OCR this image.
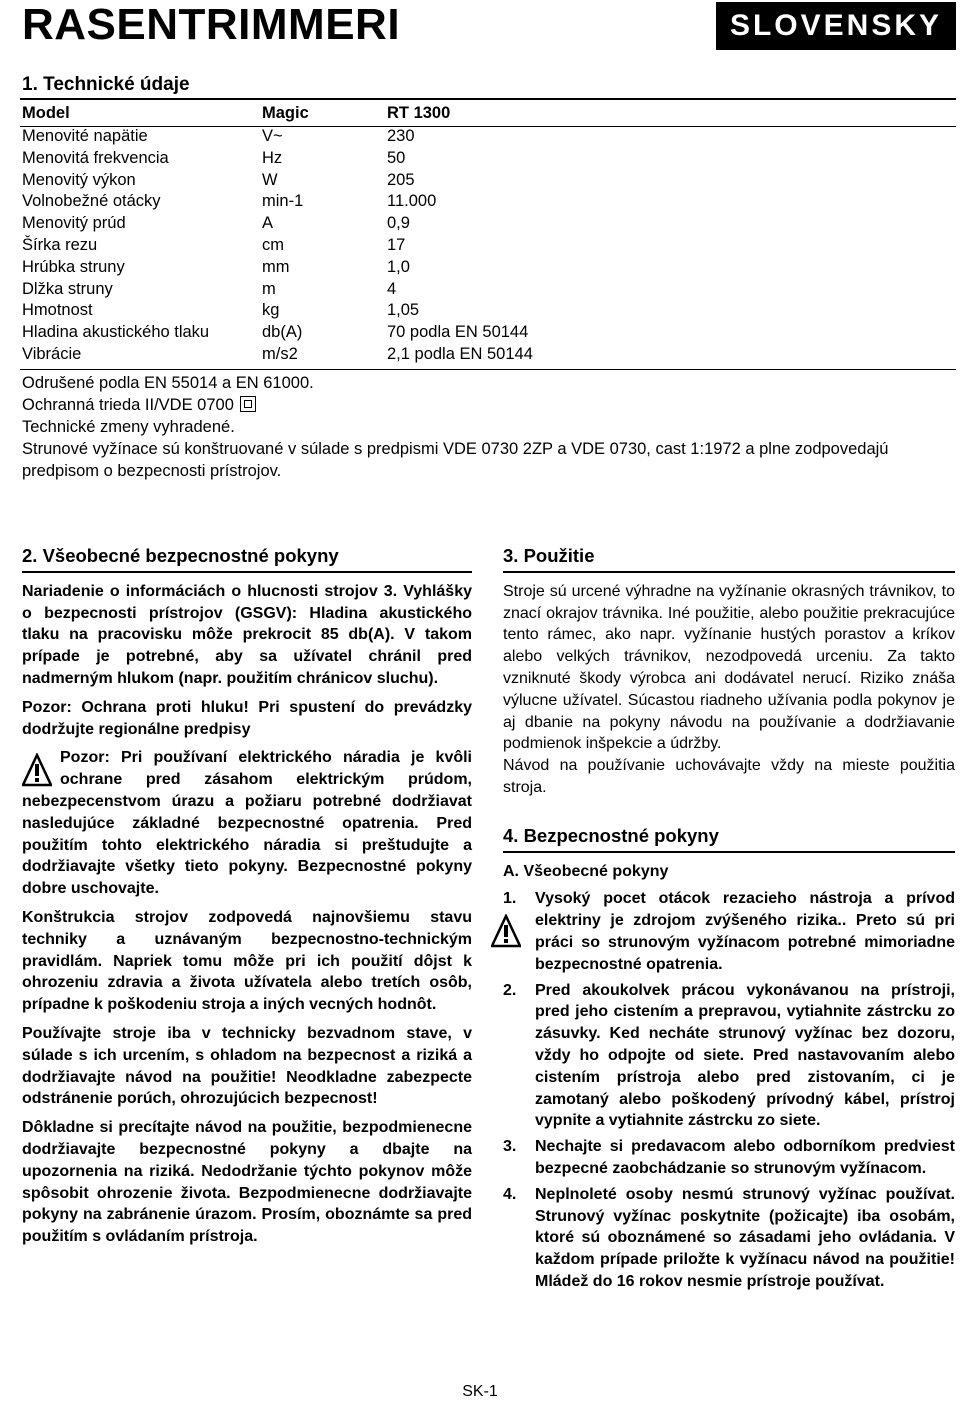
RASENTRIMMERI	SLOVENSKY
1. Technické údaje
Model	Magic	RT 1300
Menovité napätie	V~	230
Menovitá frekvencia	Hz	50
Menovitý výkon	W	205
Volnobežné otácky	min-1	11.000
Menovitý prúd	A	0,9
Šírka rezu	cm	17
Hrúbka struny	mm	1,0
Dlžka struny	m	4
Hmotnost	kg	1,05
Hladina akustického tlaku	db(A)	70 podla EN 50144
Vibrácie	m/s2	2,1 podla EN 50144
Odrušené podla EN 55014 a EN 61000.
Ochranná trieda II/VDE 0700
Technické zmeny vyhradené.
Strunové vyžínace sú konštruované v súlade s predpismi VDE 0730 2ZP a VDE 0730, cast 1:1972 a plne zodpovedajú predpisom o bezpecnosti prístrojov.
2. Všeobecné bezpecnostné pokyny

Nariadenie o informáciách o hlucnosti strojov 3. Vyhlášky o bezpecnosti prístrojov (GSGV): Hladina akustického tlaku na pracovisku môže prekrocit 85 db(A). V takom prípade je potrebné, aby sa užívatel chránil pred nadmerným hlukom (napr. použitím chránicov sluchu).

Pozor: Ochrana proti hluku! Pri spustení do prevádzky dodržujte regionálne predpisy

Pozor: Pri používaní elektrického náradia je kvôli ochrane pred zásahom elektrickým prúdom, nebezpecenstvom úrazu a požiaru potrebné dodržiavat nasledujúce základné bezpecnostné opatrenia. Pred použitím tohto elektrického náradia si preštudujte a dodržiavajte všetky tieto pokyny. Bezpecnostné pokyny dobre uschovajte.

Konštrukcia strojov zodpovedá najnovšiemu stavu techniky a uznávaným bezpecnostno-technickým pravidlám. Napriek tomu môže pri ich použití dôjst k ohrozeniu zdravia a života užívatela alebo tretích osôb, prípadne k poškodeniu stroja a iných vecných hodnôt.

Používajte stroje iba v technicky bezvadnom stave, v súlade s ich urcením, s ohladom na bezpecnost a riziká a dodržiavajte návod na použitie! Neodkladne zabezpecte odstránenie porúch, ohrozujúcich bezpecnost!

Dôkladne si precítajte návod na použitie, bezpodmienecne dodržiavajte bezpecnostné pokyny a dbajte na upozornenia na riziká. Nedodržanie týchto pokynov môže spôsobit ohrozenie života. Bezpodmienecne dodržiavajte pokyny na zabránenie úrazom. Prosím, oboznámte sa pred použitím s ovládaním prístroja.

3. Použitie

Stroje sú urcené výhradne na vyžínanie okrasných trávnikov, to znací okrajov trávnika. Iné použitie, alebo použitie prekracujúce tento rámec, ako napr. vyžínanie hustých porastov a kríkov alebo velkých trávnikov, nezodpovedá urceniu. Za takto vzniknuté škody výrobca ani dodávatel nerucí. Riziko znáša výlucne užívatel. Súcastou riadneho užívania podla pokynov je aj dbanie na pokyny návodu na používanie a dodržiavanie podmienok inšpekcie a údržby.

Návod na používanie uchovávajte vždy na mieste použitia stroja.

4. Bezpecnostné pokyny
A. Všeobecné pokyny
1. Vysoký pocet otácok rezacieho nástroja a prívod elektriny je zdrojom zvýšeného rizika.. Preto sú pri práci so strunovým vyžínacom potrebné mimoriadne bezpecnostné opatrenia.
2. Pred akoukolvek prácou vykonávanou na prístroji, pred jeho cistením a prepravou, vytiahnite zástrcku zo zásuvky. Ked necháte strunový vyžínac bez dozoru, vždy ho odpojte od siete. Pred nastavovaním alebo cistením prístroja alebo pred zistovaním, ci je zamotaný alebo poškodený prívodný kábel, prístroj vypnite a vytiahnite zástrcku zo siete.
3. Nechajte si predavacom alebo odborníkom predviest bezpecné zaobchádzanie so strunovým vyžínacom.
4. Neplnoleté osoby nesmú strunový vyžínac používat. Strunový vyžínac poskytnite (požicajte) iba osobám, ktoré sú oboznámené so zásadami jeho ovládania. V každom prípade priložte k vyžínacu návod na použitie! Mládež do 16 rokov nesmie prístroje používat.
SK-1
